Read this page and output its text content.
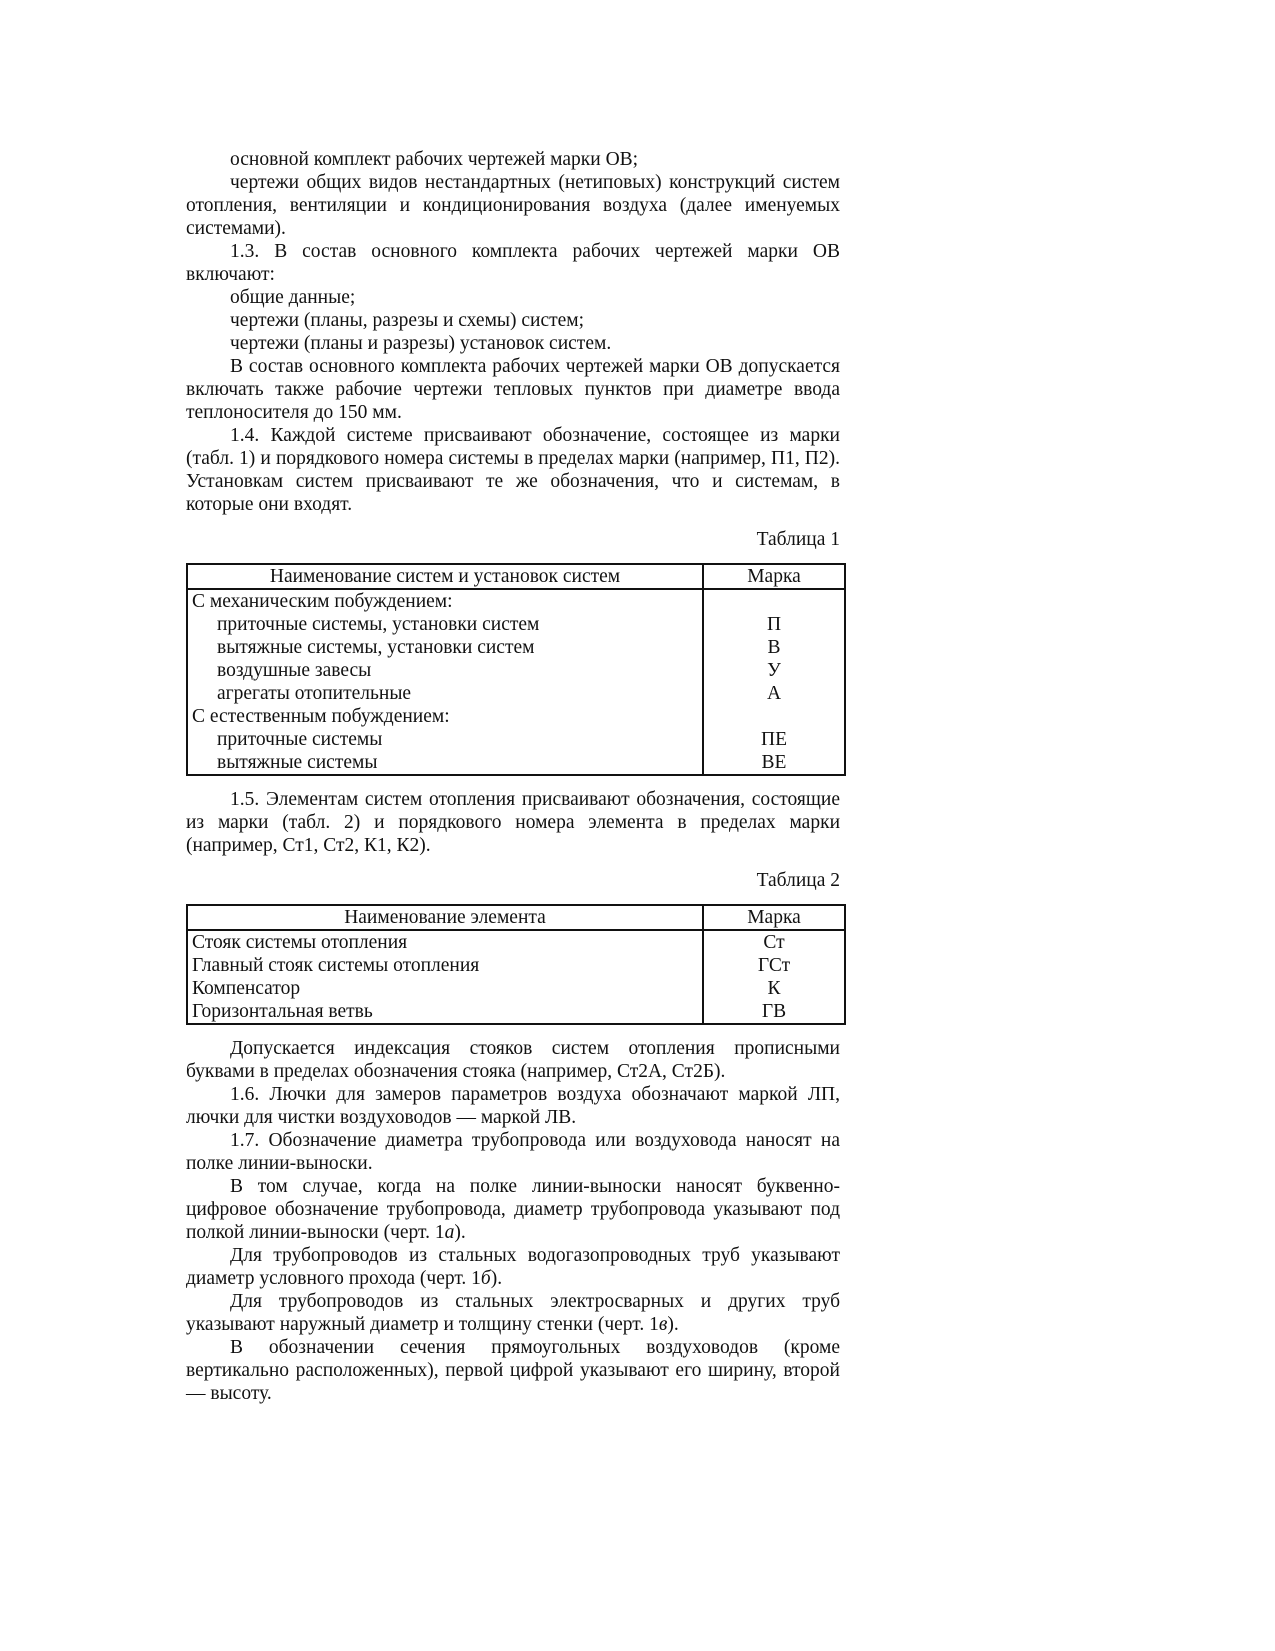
основной комплект рабочих чертежей марки ОВ;

чертежи общих видов нестандартных (нетиповых) конструкций систем отопления, вентиляции и кондиционирования воздуха (далее именуемых системами).

1.3. В состав основного комплекта рабочих чертежей марки ОВ включают:

общие данные;

чертежи (планы, разрезы и схемы) систем;

чертежи (планы и разрезы) установок систем.

В состав основного комплекта рабочих чертежей марки ОВ допускается включать также рабочие чертежи тепловых пунктов при диаметре ввода теплоносителя до 150 мм.

1.4. Каждой системе присваивают обозначение, состоящее из марки (табл. 1) и порядкового номера системы в пределах марки (например, П1, П2). Установкам систем присваивают те же обозначения, что и системам, в которые они входят.

Таблица 1

Наименование систем и установок систем	Марка
С механическим побуждением:	
приточные системы, установки систем	П
вытяжные системы, установки систем	В
воздушные завесы	У
агрегаты отопительные	А
С естественным побуждением:	
приточные системы	ПЕ
вытяжные системы	ВЕ

1.5. Элементам систем отопления присваивают обозначения, состоящие из марки (табл. 2) и порядкового номера элемента в пределах марки (например, Ст1, Ст2, К1, К2).

Таблица 2

Наименование элемента	Марка
Стояк системы отопления	Ст
Главный стояк системы отопления	ГСт
Компенсатор	К
Горизонтальная ветвь	ГВ

Допускается индексация стояков систем отопления прописными буквами в пределах обозначения стояка (например, Ст2А, Ст2Б).

1.6. Лючки для замеров параметров воздуха обозначают маркой ЛП, лючки для чистки воздуховодов — маркой ЛВ.

1.7. Обозначение диаметра трубопровода или воздуховода наносят на полке линии-выноски.

В том случае, когда на полке линии-выноски наносят буквенно-цифровое обозначение трубопровода, диаметр трубопровода указывают под полкой линии-выноски (черт. 1а).

Для трубопроводов из стальных водогазопроводных труб указывают диаметр условного прохода (черт. 1б).

Для трубопроводов из стальных электросварных и других труб указывают наружный диаметр и толщину стенки (черт. 1в).

В обозначении сечения прямоугольных воздуховодов (кроме вертикально расположенных), первой цифрой указывают его ширину, второй — высоту.
